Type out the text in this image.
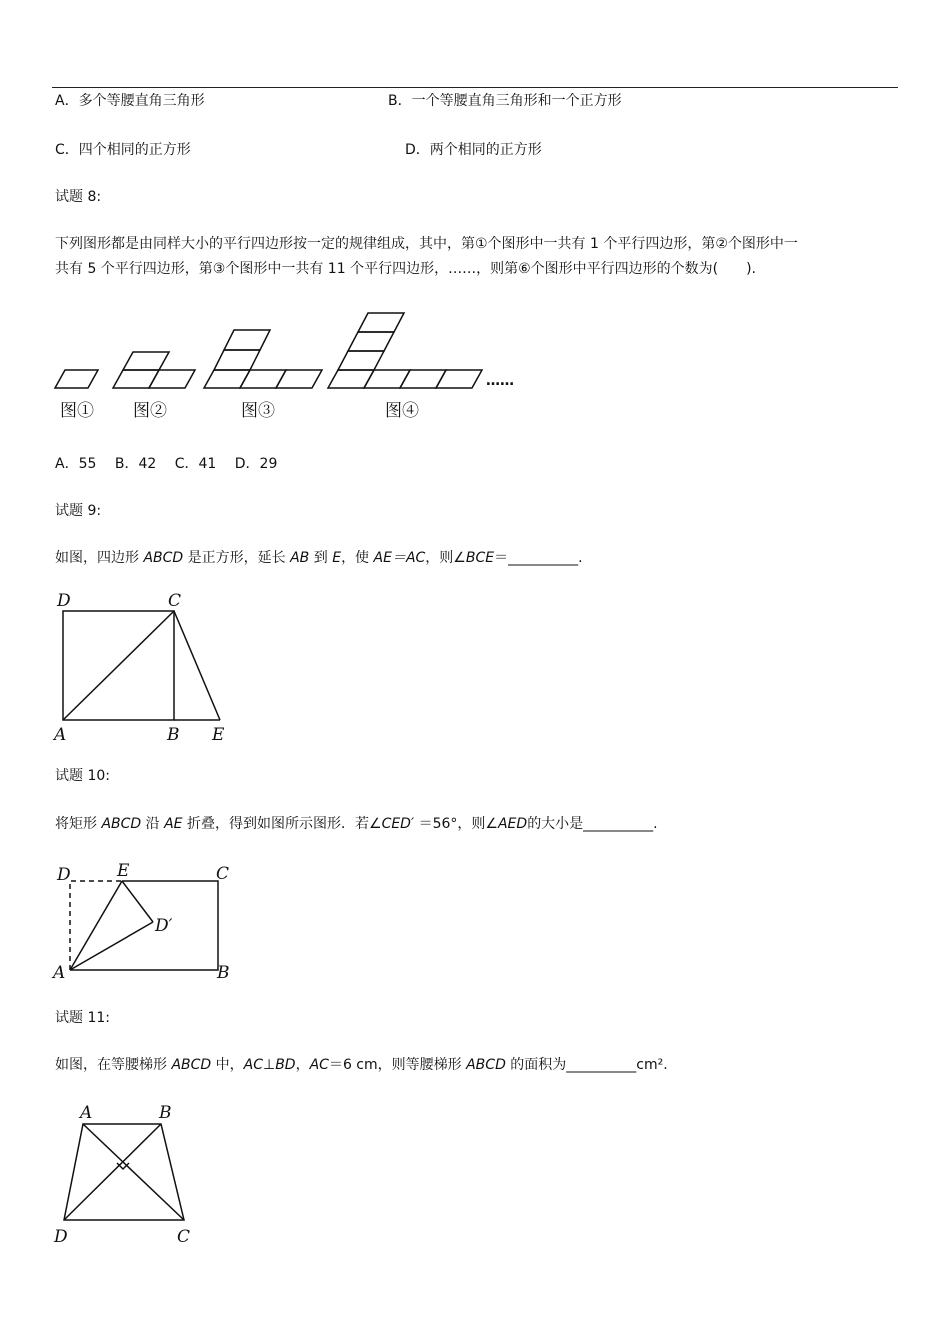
A．多个等腰直角三角形	B．一个等腰直角三角形和一个正方形
C．四个相同的正方形	D．两个相同的正方形
试题 8:
下列图形都是由同样大小的平行四边形按一定的规律组成，其中，第①个图形中一共有 1 个平行四边形，第②个图形中一
共有 5 个平行四边形，第③个图形中一共有 11 个平行四边形，……，则第⑥个图形中平行四边形的个数为(　　).
……
图① 图②	图③	图④
A．55　 B．42　 C．41　 D．29
试题 9:
如图，四边形 ABCD 是正方形，延长 AB 到 E，使 AE＝AC，则∠BCE＝__________.
D	C
A	B E
试题 10:
将矩形 ABCD 沿 AE 折叠，得到如图所示图形．若∠CED′ ＝56°，则∠AED的大小是__________.
D	E	C
D′
A	B
试题 11:
如图，在等腰梯形 ABCD 中，AC⊥BD，AC＝6 cm，则等腰梯形 ABCD 的面积为__________cm².
A	B
D	C
